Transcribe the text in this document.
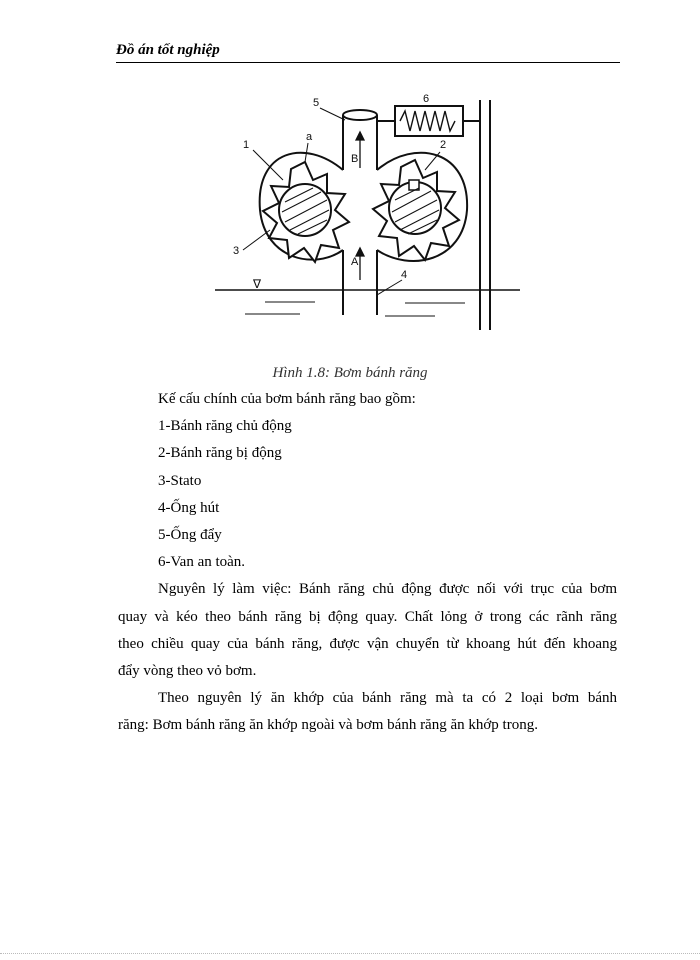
Đồ án tốt nghiệp
1
a
5	6
2
B
3
A
4
∇
Hình 1.8: Bơm bánh răng
Kế cấu chính của bơm bánh răng bao gồm:
1-Bánh răng chủ động
2-Bánh răng bị động
3-Stato
4-Ống hút
5-Ống đẩy
6-Van an toàn.
Nguyên lý làm việc: Bánh răng chủ động được nối với trục của bơm
quay và kéo theo bánh răng bị động quay. Chất lỏng ở trong các rãnh răng
theo chiều quay của bánh răng, được vận chuyển từ khoang hút đến khoang
đẩy vòng theo vỏ bơm.
Theo nguyên lý ăn khớp của bánh răng mà ta có 2 loại bơm bánh
răng: Bơm bánh răng ăn khớp ngoài và bơm bánh răng ăn khớp trong.
